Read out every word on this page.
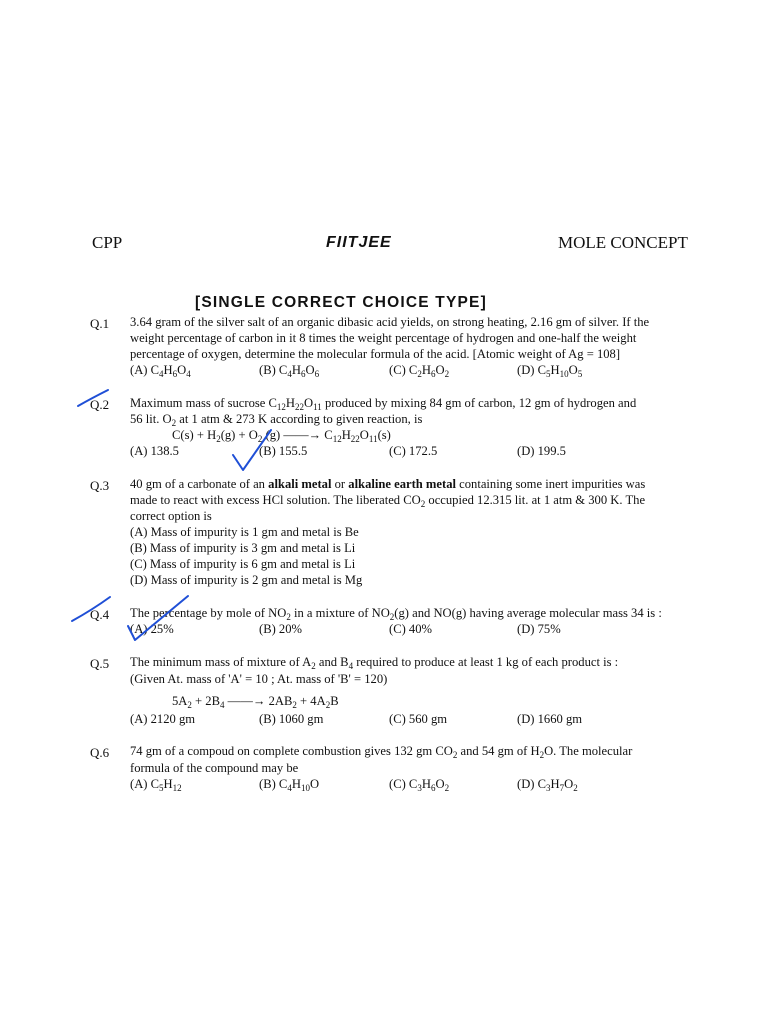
CPP	FIITJEE	MOLE CONCEPT
[SINGLE CORRECT CHOICE TYPE]
Q.1 3.64 gram of the silver salt of an organic dibasic acid yields, on strong heating, 2.16 gm of silver. If the
weight percentage of carbon in it 8 times the weight percentage of hydrogen and one-half the weight
percentage of oxygen, determine the molecular formula of the acid. [Atomic weight of Ag = 108]
(A) $C_4H_6O_4$	(B) $C_4H_6O_6$	(C) $C_2H_6O_2$	(D) $C_5H_{10}O_5$
Q.2 Maximum mass of sucrose $C_{12}H_{22}O_{11}$ produced by mixing 84 gm of carbon, 12 gm of hydrogen and
56 lit. $O_2$ at 1 atm & 273 K according to given reaction, is
$C(s) + H_2(g) + O_2$ (g) ——→ $C_{12}H_{22}O_{11}(s)$
(A) 138.5	(B) 155.5	(C) 172.5	(D) 199.5
Q.3 40 gm of a carbonate of an alkali metal or alkaline earth metal containing some inert impurities was
made to react with excess HCl solution. The liberated $CO_2$ occupied 12.315 lit. at 1 atm & 300 K. The
correct option is
(A) Mass of impurity is 1 gm and metal is Be
(B) Mass of impurity is 3 gm and metal is Li
(C) Mass of impurity is 6 gm and metal is Li
(D) Mass of impurity is 2 gm and metal is Mg
Q.4 The percentage by mole of $NO_2$ in a mixture of $NO_2(g)$ and NO(g) having average molecular mass 34 is :
(A) 25%	(B) 20%	(C) 40%	(D) 75%
Q.5 The minimum mass of mixture of $A_2$ and $B_4$ required to produce at least 1 kg of each product is :
(Given At. mass of 'A' = 10 ; At. mass of 'B' = 120)
$5A_2 + 2B_4$ ——→ $2AB_2 + 4A_2B$
(A) 2120 gm	(B) 1060 gm	(C) 560 gm	(D) 1660 gm
Q.6 74 gm of a compoud on complete combustion gives 132 gm $CO_2$ and 54 gm of $H_2O$. The molecular
formula of the compound may be
(A) $C_5H_{12}$	(B) $C_4H_{10}O$	(C) $C_3H_6O_2$	(D) $C_3H_7O_2$
